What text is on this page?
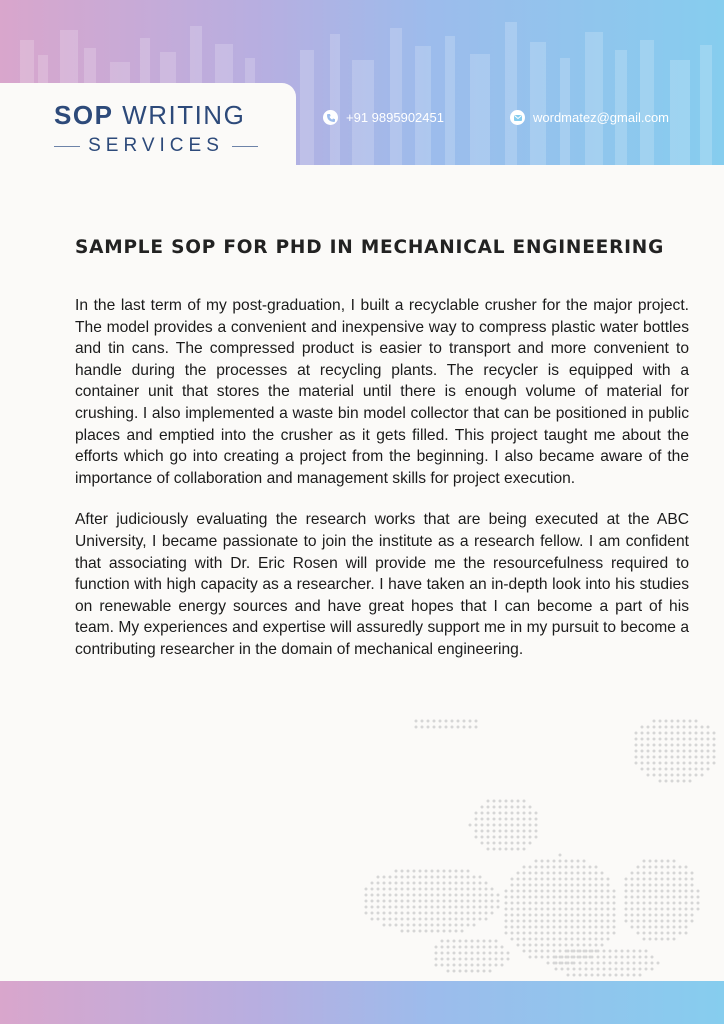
SOP WRITING
SERVICES
+91 9895902451	wordmatez@gmail.com
SAMPLE SOP FOR PHD IN MECHANICAL ENGINEERING

In the last term of my post-graduation, I built a recyclable crusher for the major project. The model provides a convenient and inexpensive way to compress plastic water bottles and tin cans. The compressed product is easier to transport and more convenient to handle during the processes at recycling plants. The recycler is equipped with a container unit that stores the material until there is enough volume of material for crushing. I also implemented a waste bin model collector that can be positioned in public places and emptied into the crusher as it gets filled. This project taught me about the efforts which go into creating a project from the beginning. I also became aware of the importance of collaboration and management skills for project execution.

After judiciously evaluating the research works that are being executed at the ABC University, I became passionate to join the institute as a research fellow. I am confident that associating with Dr. Eric Rosen will provide me the resourcefulness required to function with high capacity as a researcher. I have taken an in-depth look into his studies on renewable energy sources and have great hopes that I can become a part of his team. My experiences and expertise will assuredly support me in my pursuit to become a contributing researcher in the domain of mechanical engineering.
